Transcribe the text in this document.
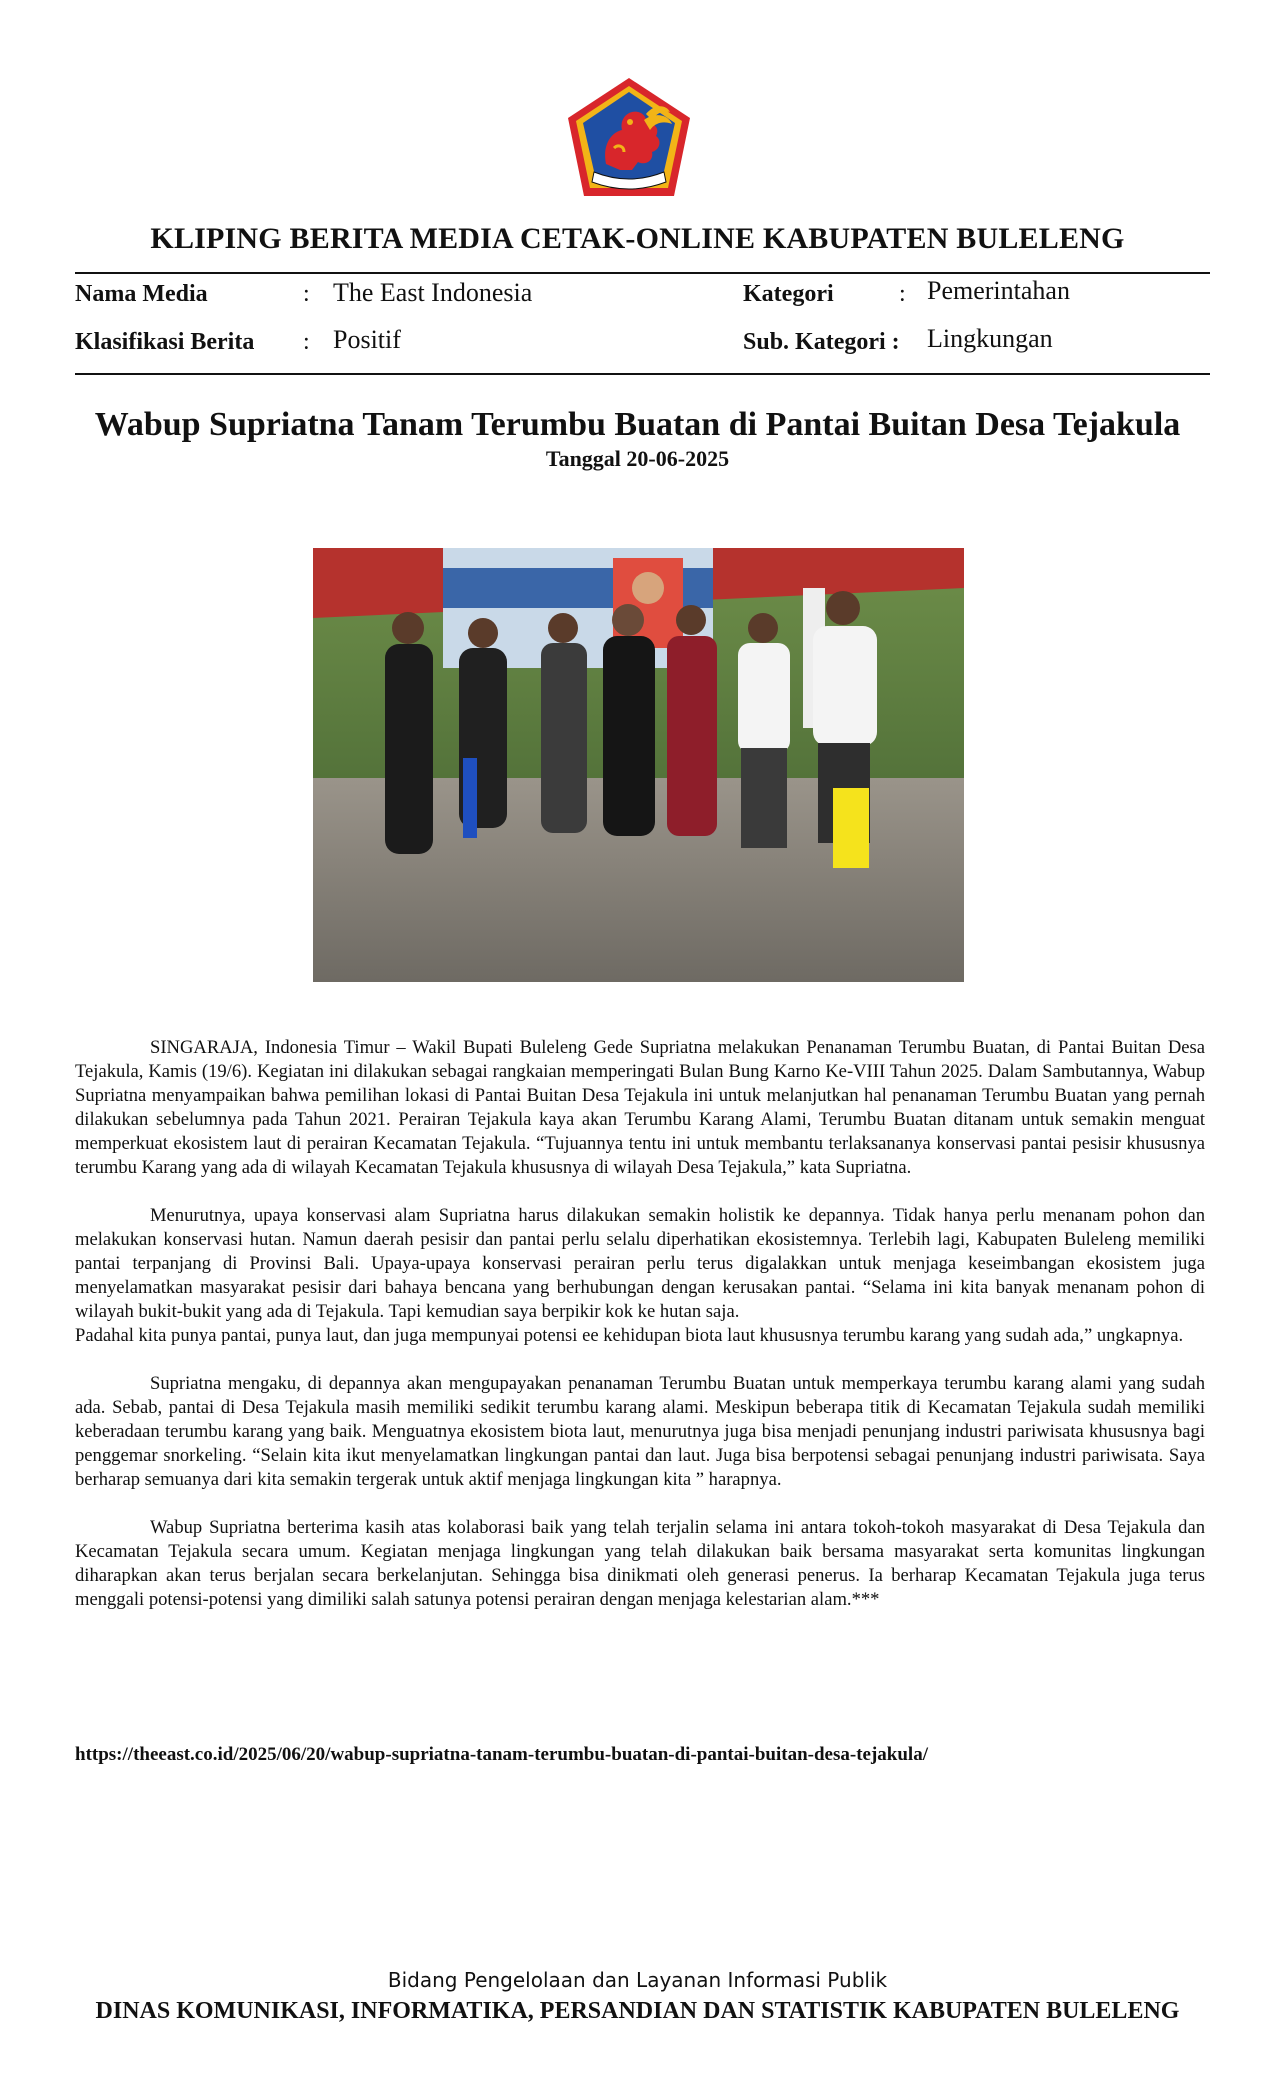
KLIPING BERITA MEDIA CETAK-ONLINE KABUPATEN BULELENG
Nama Media	: The East Indonesia	Kategori	: Pemerintahan
Klasifikasi Berita : Positif	Sub. Kategori : Lingkungan
Wabup Supriatna Tanam Terumbu Buatan di Pantai Buitan Desa Tejakula
Tanggal 20-06-2025

SINGARAJA, Indonesia Timur – Wakil Bupati Buleleng Gede Supriatna melakukan Penanaman Terumbu Buatan, di Pantai Buitan Desa Tejakula, Kamis (19/6). Kegiatan ini dilakukan sebagai rangkaian memperingati Bulan Bung Karno Ke-VIII Tahun 2025. Dalam Sambutannya, Wabup Supriatna menyampaikan bahwa pemilihan lokasi di Pantai Buitan Desa Tejakula ini untuk melanjutkan hal penanaman Terumbu Buatan yang pernah dilakukan sebelumnya pada Tahun 2021. Perairan Tejakula kaya akan Terumbu Karang Alami, Terumbu Buatan ditanam untuk semakin menguat memperkuat ekosistem laut di perairan Kecamatan Tejakula. “Tujuannya tentu ini untuk membantu terlaksananya konservasi pantai pesisir khususnya terumbu Karang yang ada di wilayah Kecamatan Tejakula khususnya di wilayah Desa Tejakula,” kata Supriatna.

Menurutnya, upaya konservasi alam Supriatna harus dilakukan semakin holistik ke depannya. Tidak hanya perlu menanam pohon dan melakukan konservasi hutan. Namun daerah pesisir dan pantai perlu selalu diperhatikan ekosistemnya. Terlebih lagi, Kabupaten Buleleng memiliki pantai terpanjang di Provinsi Bali. Upaya-upaya konservasi perairan perlu terus digalakkan untuk menjaga keseimbangan ekosistem juga menyelamatkan masyarakat pesisir dari bahaya bencana yang berhubungan dengan kerusakan pantai. “Selama ini kita banyak menanam pohon di wilayah bukit-bukit yang ada di Tejakula. Tapi kemudian saya berpikir kok ke hutan saja.

Padahal kita punya pantai, punya laut, dan juga mempunyai potensi ee kehidupan biota laut khususnya terumbu karang yang sudah ada,” ungkapnya.

Supriatna mengaku, di depannya akan mengupayakan penanaman Terumbu Buatan untuk memperkaya terumbu karang alami yang sudah ada. Sebab, pantai di Desa Tejakula masih memiliki sedikit terumbu karang alami. Meskipun beberapa titik di Kecamatan Tejakula sudah memiliki keberadaan terumbu karang yang baik. Menguatnya ekosistem biota laut, menurutnya juga bisa menjadi penunjang industri pariwisata khususnya bagi penggemar snorkeling. “Selain kita ikut menyelamatkan lingkungan pantai dan laut. Juga bisa berpotensi sebagai penunjang industri pariwisata. Saya berharap semuanya dari kita semakin tergerak untuk aktif menjaga lingkungan kita ” harapnya.

Wabup Supriatna berterima kasih atas kolaborasi baik yang telah terjalin selama ini antara tokoh-tokoh masyarakat di Desa Tejakula dan Kecamatan Tejakula secara umum. Kegiatan menjaga lingkungan yang telah dilakukan baik bersama masyarakat serta komunitas lingkungan diharapkan akan terus berjalan secara berkelanjutan. Sehingga bisa dinikmati oleh generasi penerus. Ia berharap Kecamatan Tejakula juga terus menggali potensi-potensi yang dimiliki salah satunya potensi perairan dengan menjaga kelestarian alam.***

https://theeast.co.id/2025/06/20/wabup-supriatna-tanam-terumbu-buatan-di-pantai-buitan-desa-tejakula/
Bidang Pengelolaan dan Layanan Informasi Publik
DINAS KOMUNIKASI, INFORMATIKA, PERSANDIAN DAN STATISTIK KABUPATEN BULELENG
